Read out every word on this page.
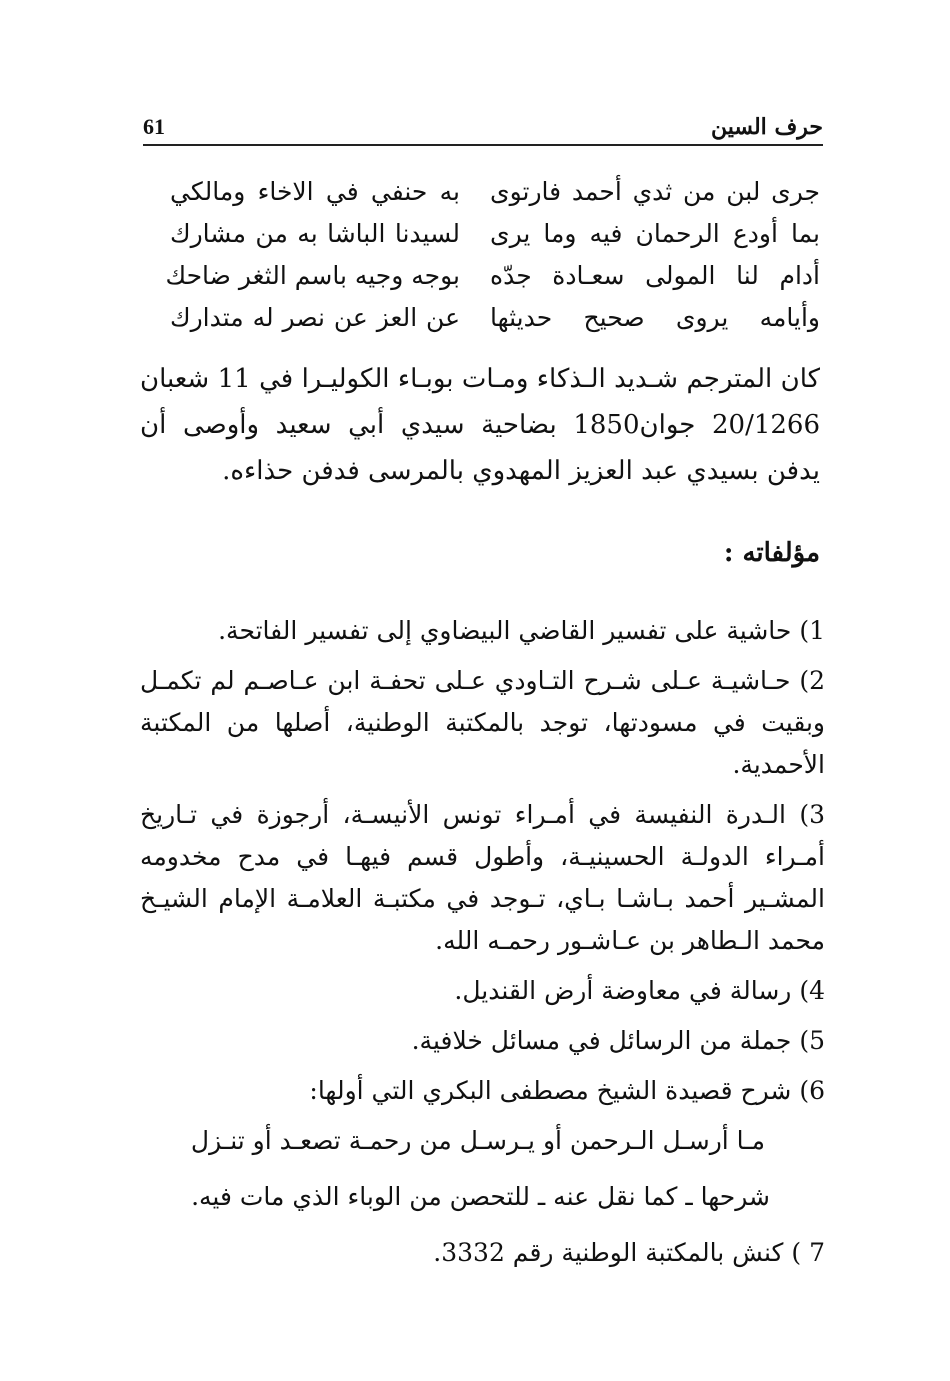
حرف السين
61
جرى لبن من ثدي أحمد فارتوى
به حنفي في الاخاء ومالكي
بما أودع الرحمان فيه وما يرى
لسيدنا الباشا به من مشارك
أدام لنا المولى سعـادة جدّه
بوجه وجيه باسم الثغر ضاحك
وأيامه يروى صحيح حديثها
عن العز عن نصر له متدارك
كان المترجم شـديد الـذكاء ومـات بوبـاء الكوليـرا في 11 شعبان 20/1266 جوان1850 بضاحية سيدي أبي سعيد وأوصى أن يدفن بسيدي عبد العزيز المهدوي بالمرسى فدفن حذاءه.
مؤلفاته :
1) حاشية على تفسير القاضي البيضاوي إلى تفسير الفاتحة.
2) حـاشيـة عـلى شـرح التـاودي عـلى تحفـة ابن عـاصـم لم تكمـل وبقيت في مسودتها، توجد بالمكتبة الوطنية، أصلها من المكتبة الأحمدية.
3) الـدرة النفيسة في أمـراء تونس الأنيسـة، أرجوزة في تـاريخ أمـراء الدولـة الحسينيـة، وأطول قسم فيهـا في مدح مخدومه المشـير أحمد بـاشـا بـاي، تـوجد في مكتبـة العلامـة الإمام الشيـخ محمد الـطاهر بن عـاشـور رحمـه الله.
4) رسالة في معاوضة أرض القنديل.
5) جملة من الرسائل في مسائل خلافية.
6) شرح قصيدة الشيخ مصطفى البكري التي أولها:
مـا أرسـل الـرحمن أو يـرسـل من رحمـة تصعـد أو تنـزل
شرحها ـ كما نقل عنه ـ للتحصن من الوباء الذي مات فيه.
7 ) كنش بالمكتبة الوطنية رقم 3332.
